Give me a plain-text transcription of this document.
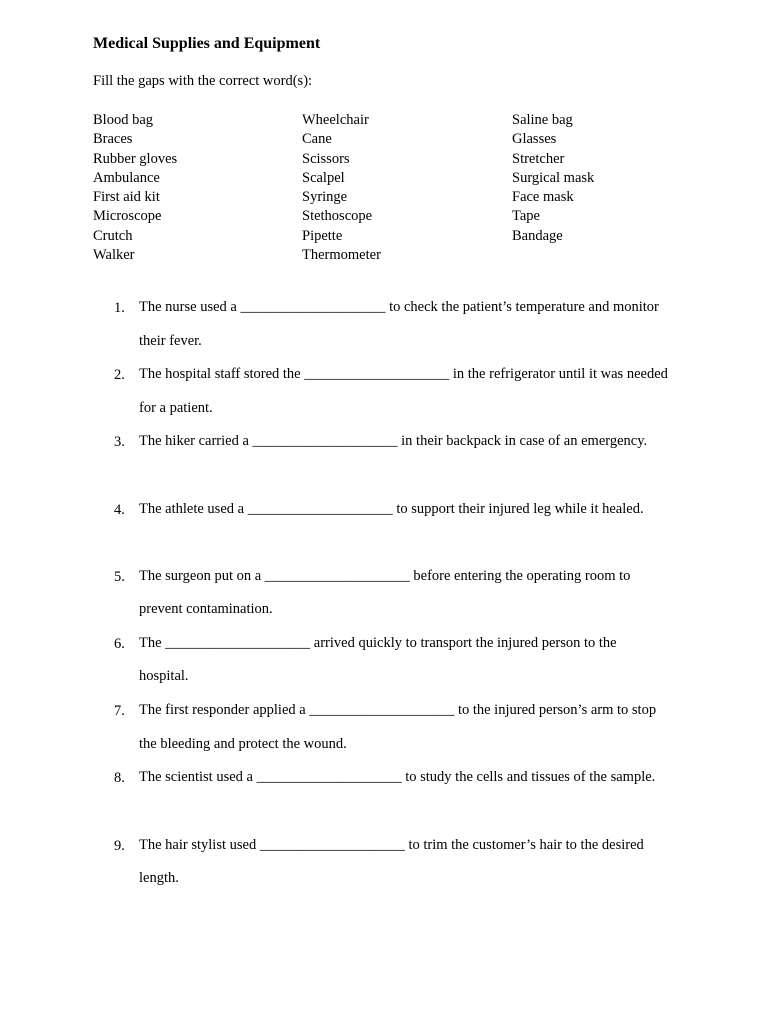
Medical Supplies and Equipment

Fill the gaps with the correct word(s):

Blood bag
Braces
Rubber gloves
Ambulance
First aid kit
Microscope
Crutch
Walker
Wheelchair
Cane
Scissors
Scalpel
Syringe
Stethoscope
Pipette
Thermometer
Saline bag
Glasses
Stretcher
Surgical mask
Face mask
Tape
Bandage
1. The nurse used a ____________________ to check the patient’s temperature and monitor their fever.
2. The hospital staff stored the ____________________ in the refrigerator until it was needed for a patient.
3. The hiker carried a ____________________ in their backpack in case of an emergency.
4. The athlete used a ____________________ to support their injured leg while it healed.
5. The surgeon put on a ____________________ before entering the operating room to prevent contamination.
6. The ____________________ arrived quickly to transport the injured person to the hospital.
7. The first responder applied a ____________________ to the injured person’s arm to stop the bleeding and protect the wound.
8. The scientist used a ____________________ to study the cells and tissues of the sample.
9. The hair stylist used ____________________ to trim the customer’s hair to the desired length.
